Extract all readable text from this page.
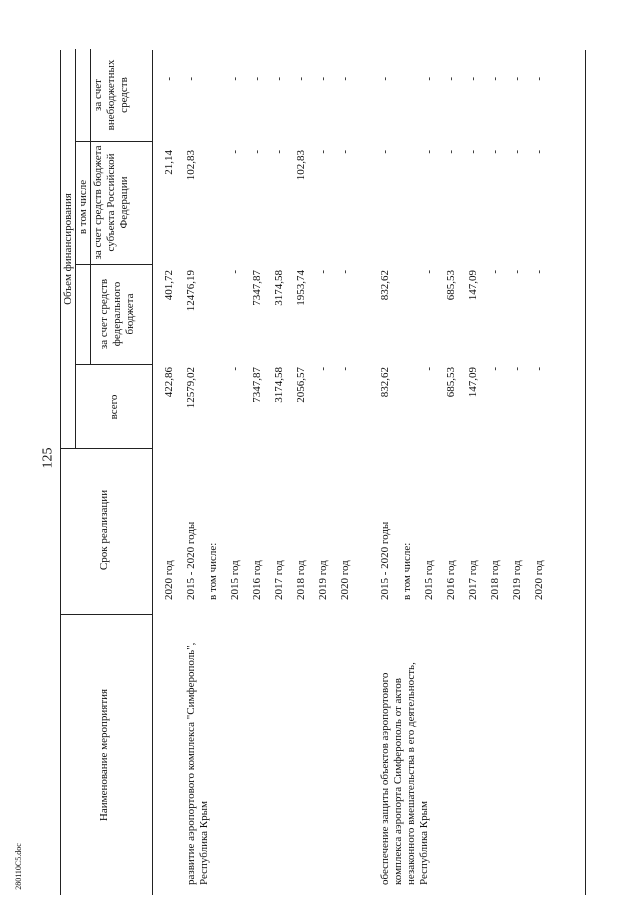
125
280110C5.doc
Наименование мероприятия
Срок реализации
Объем финансирования
всего
в том числе
за счет средств федерального бюджета
за счет средств бюджета субъекта Российской Федерации
за счет внебюджетных средств
2020 год
422,86
401,72
21,14
-
развитие аэропортового комплекса "Симферополь", Республика Крым
2015 - 2020 годы
12579,02
12476,19
102,83
-
в том числе: 2015 год
-
-
-
-
2016 год
7347,87
7347,87
-
-
2017 год
3174,58
3174,58
-
-
2018 год
2056,57
1953,74
102,83
-
2019 год
-
-
-
-
2020 год
-
-
-
-
обеспечение защиты объектов аэропортового комплекса аэропорта Симферополь от актов незаконного вмешательства в его деятельность, Республика Крым
2015 - 2020 годы
832,62
832,62
-
-
в том числе: 2015 год
-
-
-
-
2016 год
685,53
685,53
-
-
2017 год
147,09
147,09
-
-
2018 год
-
-
-
-
2019 год
-
-
-
-
2020 год
-
-
-
-
